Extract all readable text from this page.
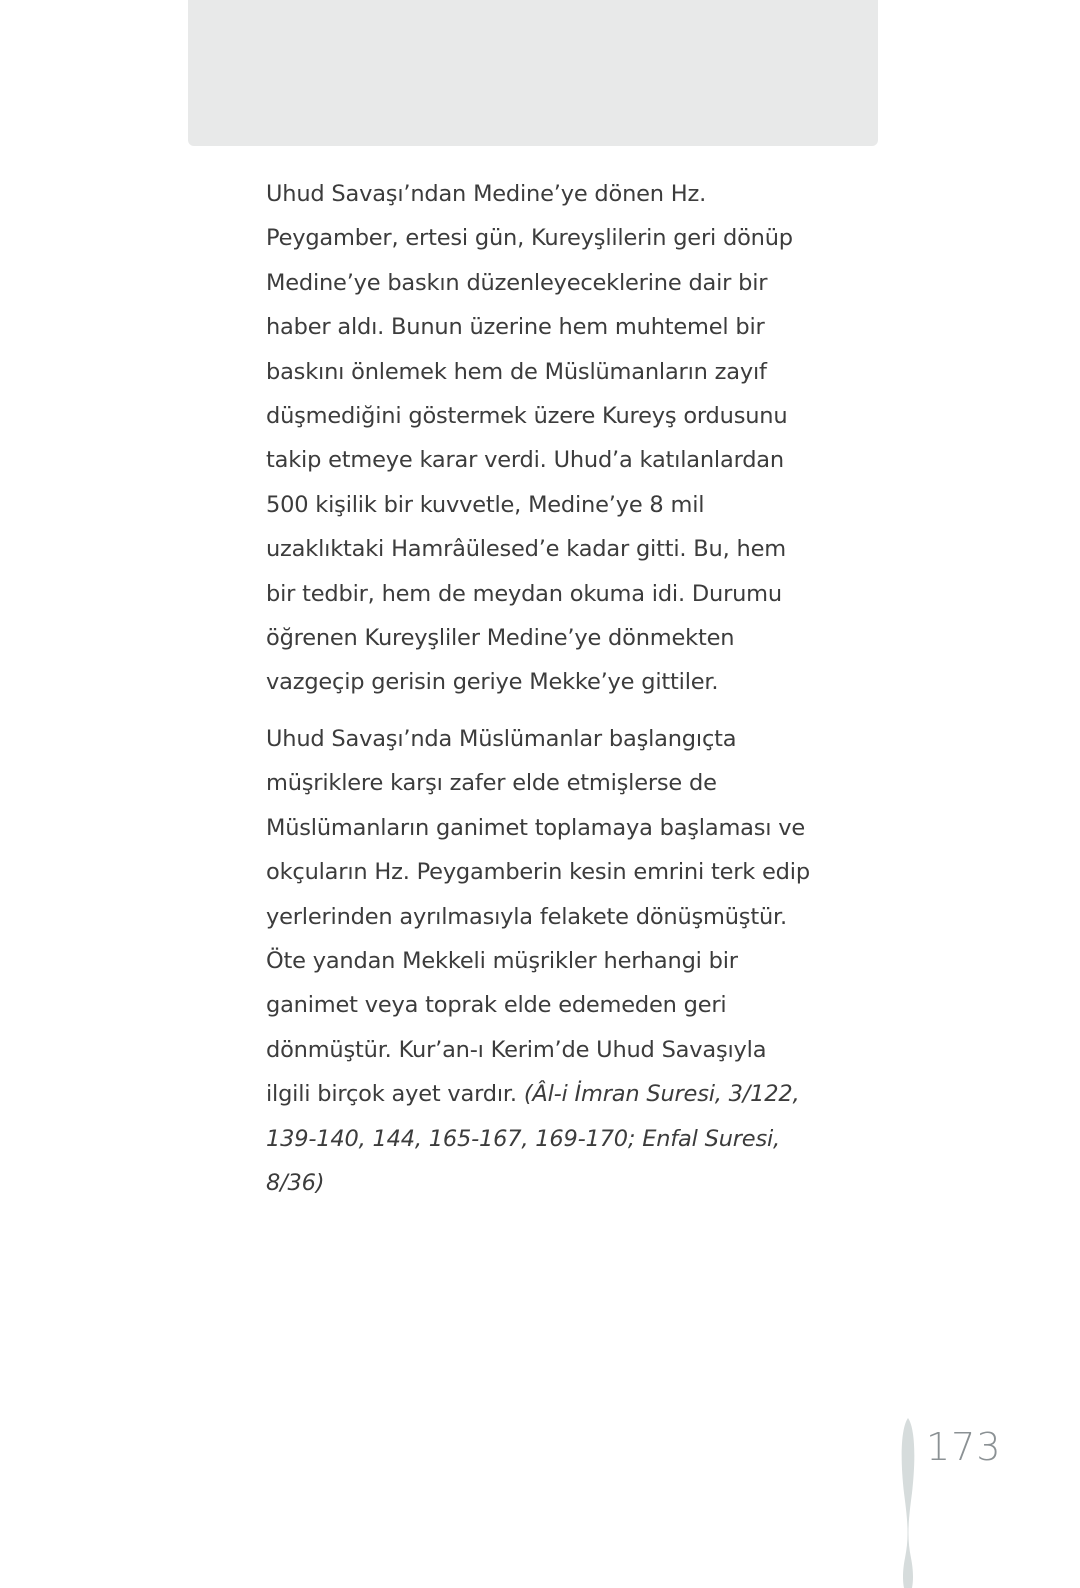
Uhud Savaşı’ndan Medine’ye dönen Hz.
Peygamber, ertesi gün, Kureyşlilerin geri dönüp
Medine’ye baskın düzenleyeceklerine dair bir
haber aldı. Bunun üzerine hem muhtemel bir
baskını önlemek hem de Müslümanların zayıf
düşmediğini göstermek üzere Kureyş ordusunu
takip etmeye karar verdi. Uhud’a katılanlardan
500 kişilik bir kuvvetle, Medine’ye 8 mil
uzaklıktaki Hamrâülesed’e kadar gitti. Bu, hem
bir tedbir, hem de meydan okuma idi. Durumu
öğrenen Kureyşliler Medine’ye dönmekten
vazgeçip gerisin geriye Mekke’ye gittiler.

Uhud Savaşı’nda Müslümanlar başlangıçta
müşriklere karşı zafer elde etmişlerse de
Müslümanların ganimet toplamaya başlaması ve
okçuların Hz. Peygamberin kesin emrini terk edip
yerlerinden ayrılmasıyla felakete dönüşmüştür.
Öte yandan Mekkeli müşrikler herhangi bir
ganimet veya toprak elde edemeden geri
dönmüştür. Kur’an-ı Kerim’de Uhud Savaşıyla
ilgili birçok ayet vardır. (Âl-i İmran Suresi, 3/122,
139-140, 144, 165-167, 169-170; Enfal Suresi,
8/36)

173
